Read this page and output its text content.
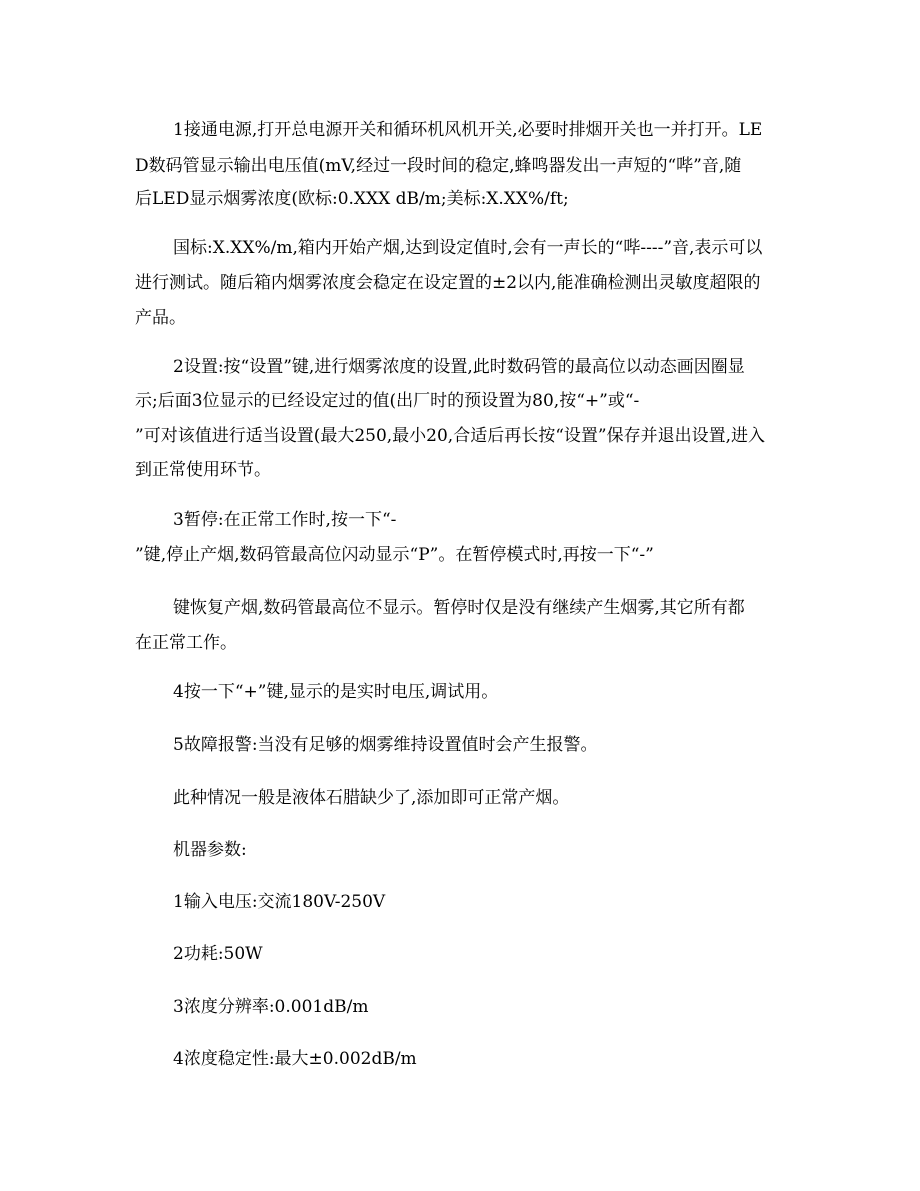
1接通电源,打开总电源开关和循环机风机开关,必要时排烟开关也一并打开。LE
D数码管显示输出电压值(mV,经过一段时间的稳定,蜂鸣器发出一声短的“哔”音,随
后LED显示烟雾浓度(欧标:0.XXX dB/m;美标:X.XX%/ft;
国标:X.XX%/m,箱内开始产烟,达到设定值时,会有一声长的“哔----”音,表示可以
进行测试。随后箱内烟雾浓度会稳定在设定置的±2以内,能准确检测出灵敏度超限的
产品。
2设置:按“设置”键,进行烟雾浓度的设置,此时数码管的最高位以动态画因圈显
示;后面3位显示的已经设定过的值(出厂时的预设置为80,按“+”或“-
”可对该值进行适当设置(最大250,最小20,合适后再长按“设置”保存并退出设置,进入
到正常使用环节。
3暂停:在正常工作时,按一下“-
”键,停止产烟,数码管最高位闪动显示“P”。在暂停模式时,再按一下“-”
键恢复产烟,数码管最高位不显示。暂停时仅是没有继续产生烟雾,其它所有都
在正常工作。
4按一下“+”键,显示的是实时电压,调试用。
5故障报警:当没有足够的烟雾维持设置值时会产生报警。
此种情况一般是液体石腊缺少了,添加即可正常产烟。
机器参数:
1输入电压:交流180V-250V
2功耗:50W
3浓度分辨率:0.001dB/m
4浓度稳定性:最大±0.002dB/m
